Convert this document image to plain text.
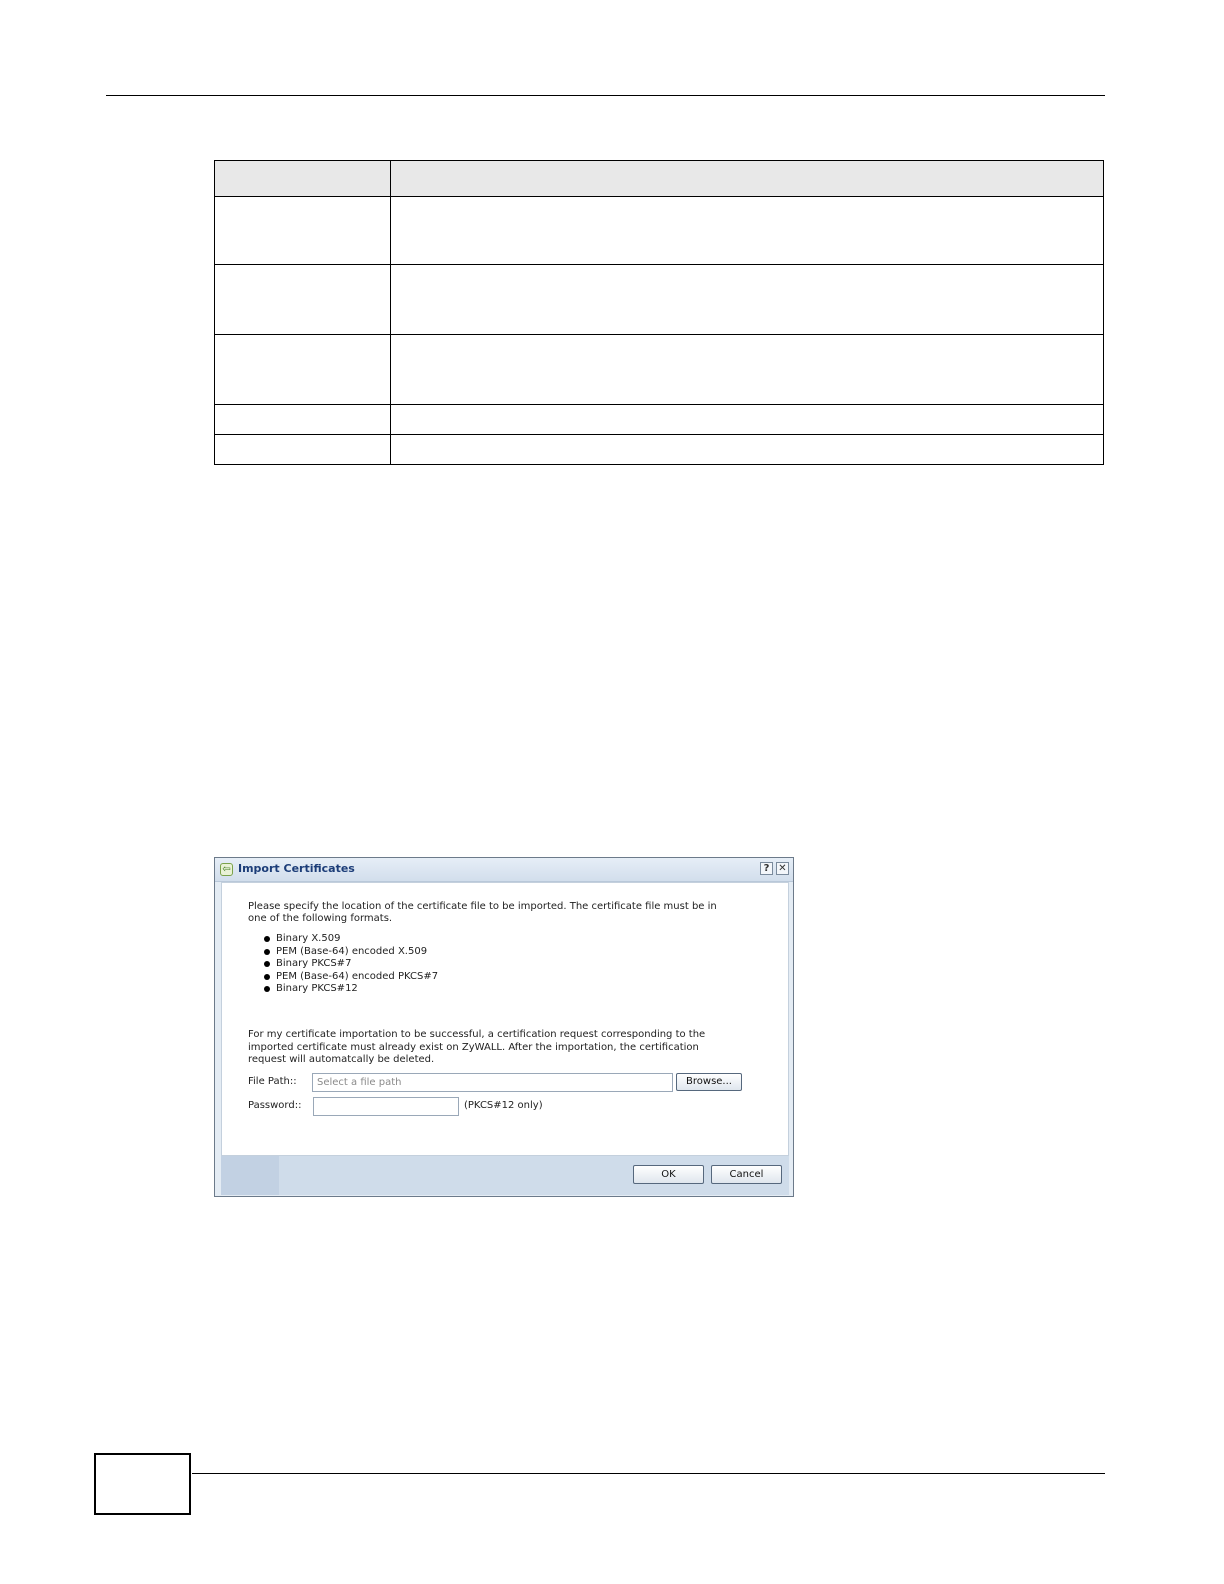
⇦ Import Certificates	? ✕
Please specify the location of the certificate file to be imported. The certificate file must be in one of the following formats.
Binary X.509
PEM (Base-64) encoded X.509
Binary PKCS#7
PEM (Base-64) encoded PKCS#7
Binary PKCS#12
For my certificate importation to be successful, a certification request corresponding to the imported certificate must already exist on ZyWALL. After the importation, the certification request will automatcally be deleted.
File Path::	Select a file path	Browse...
Password::	(PKCS#12 only)
OK	Cancel
